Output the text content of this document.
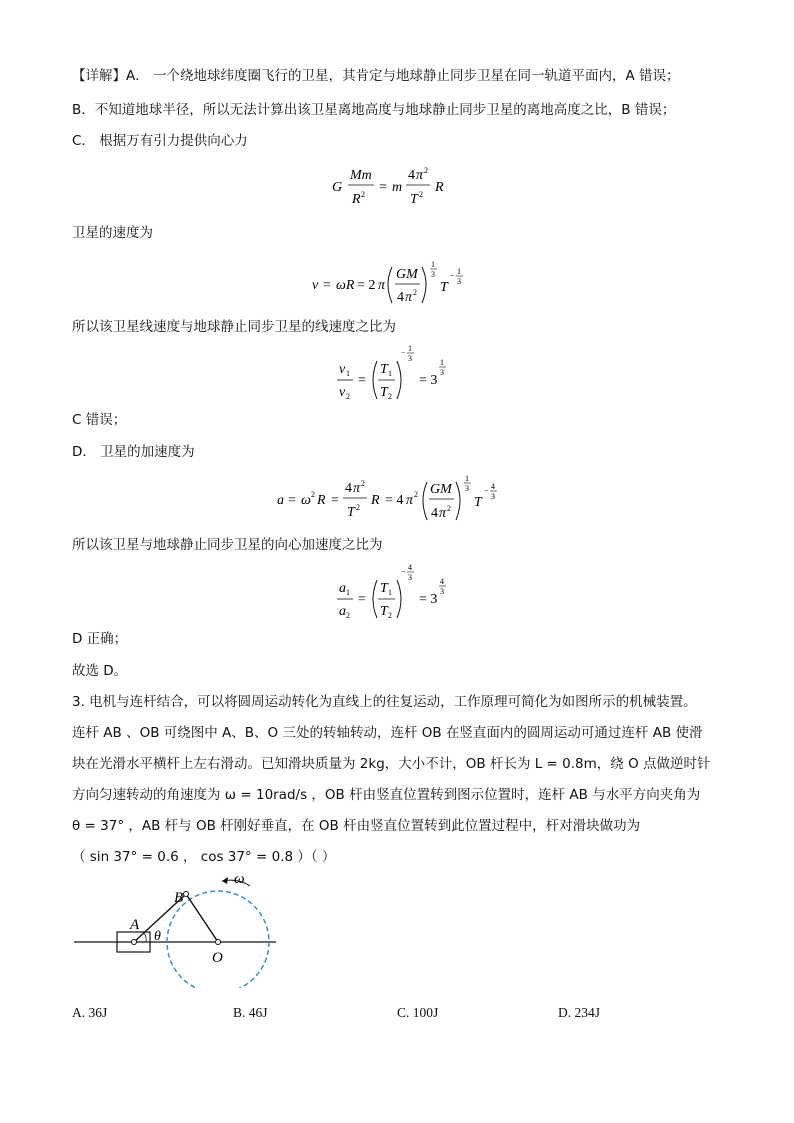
【详解】A． 一个绕地球纬度圈飞行的卫星，其肯定与地球静止同步卫星在同一轨道平面内，A 错误；
B．不知道地球半径，所以无法计算出该卫星离地高度与地球静止同步卫星的离地高度之比，B 错误；
C． 根据万有引力提供向心力
G
Mm
R 2 = m
4 π 2
T 2 R
卫星的速度为
v = ωR = 2 π
GM
4 π 2
1
3
T
− 1
3
所以该卫星线速度与地球静止同步卫星的线速度之比为
v 1
v 2
=
T 1
T 2
− 1
3
= 3
1
3
C 错误；
D． 卫星的加速度为
a = ω 2 R =
4 π 2
T 2 R = 4 π 2 GM
4 π 2
1
3
T
− 4
3
所以该卫星与地球静止同步卫星的向心加速度之比为
a 1
a 2
=
T 1
T 2
− 4
3
= 3
4
3
D 正确；
故选 D。
3. 电机与连杆结合，可以将圆周运动转化为直线上的往复运动，工作原理可简化为如图所示的机械装置。
连杆 AB 、OB 可绕图中 A、B、O 三处的转轴转动，连杆 OB 在竖直面内的圆周运动可通过连杆 AB 使滑
块在光滑水平横杆上左右滑动。已知滑块质量为 2kg，大小不计，OB 杆长为 L = 0.8m，绕 O 点做逆时针
方向匀速转动的角速度为 ω = 10rad/s ，OB 杆由竖直位置转到图示位置时，连杆 AB 与水平方向夹角为
θ = 37° ，AB 杆与 OB 杆刚好垂直，在 OB 杆由竖直位置转到此位置过程中，杆对滑块做功为
（ sin 37° = 0.6 ， cos 37° = 0.8 ）（ ）
A
B
O
θ
ω
A. 36J	B. 46J	C. 100J	D. 234J
